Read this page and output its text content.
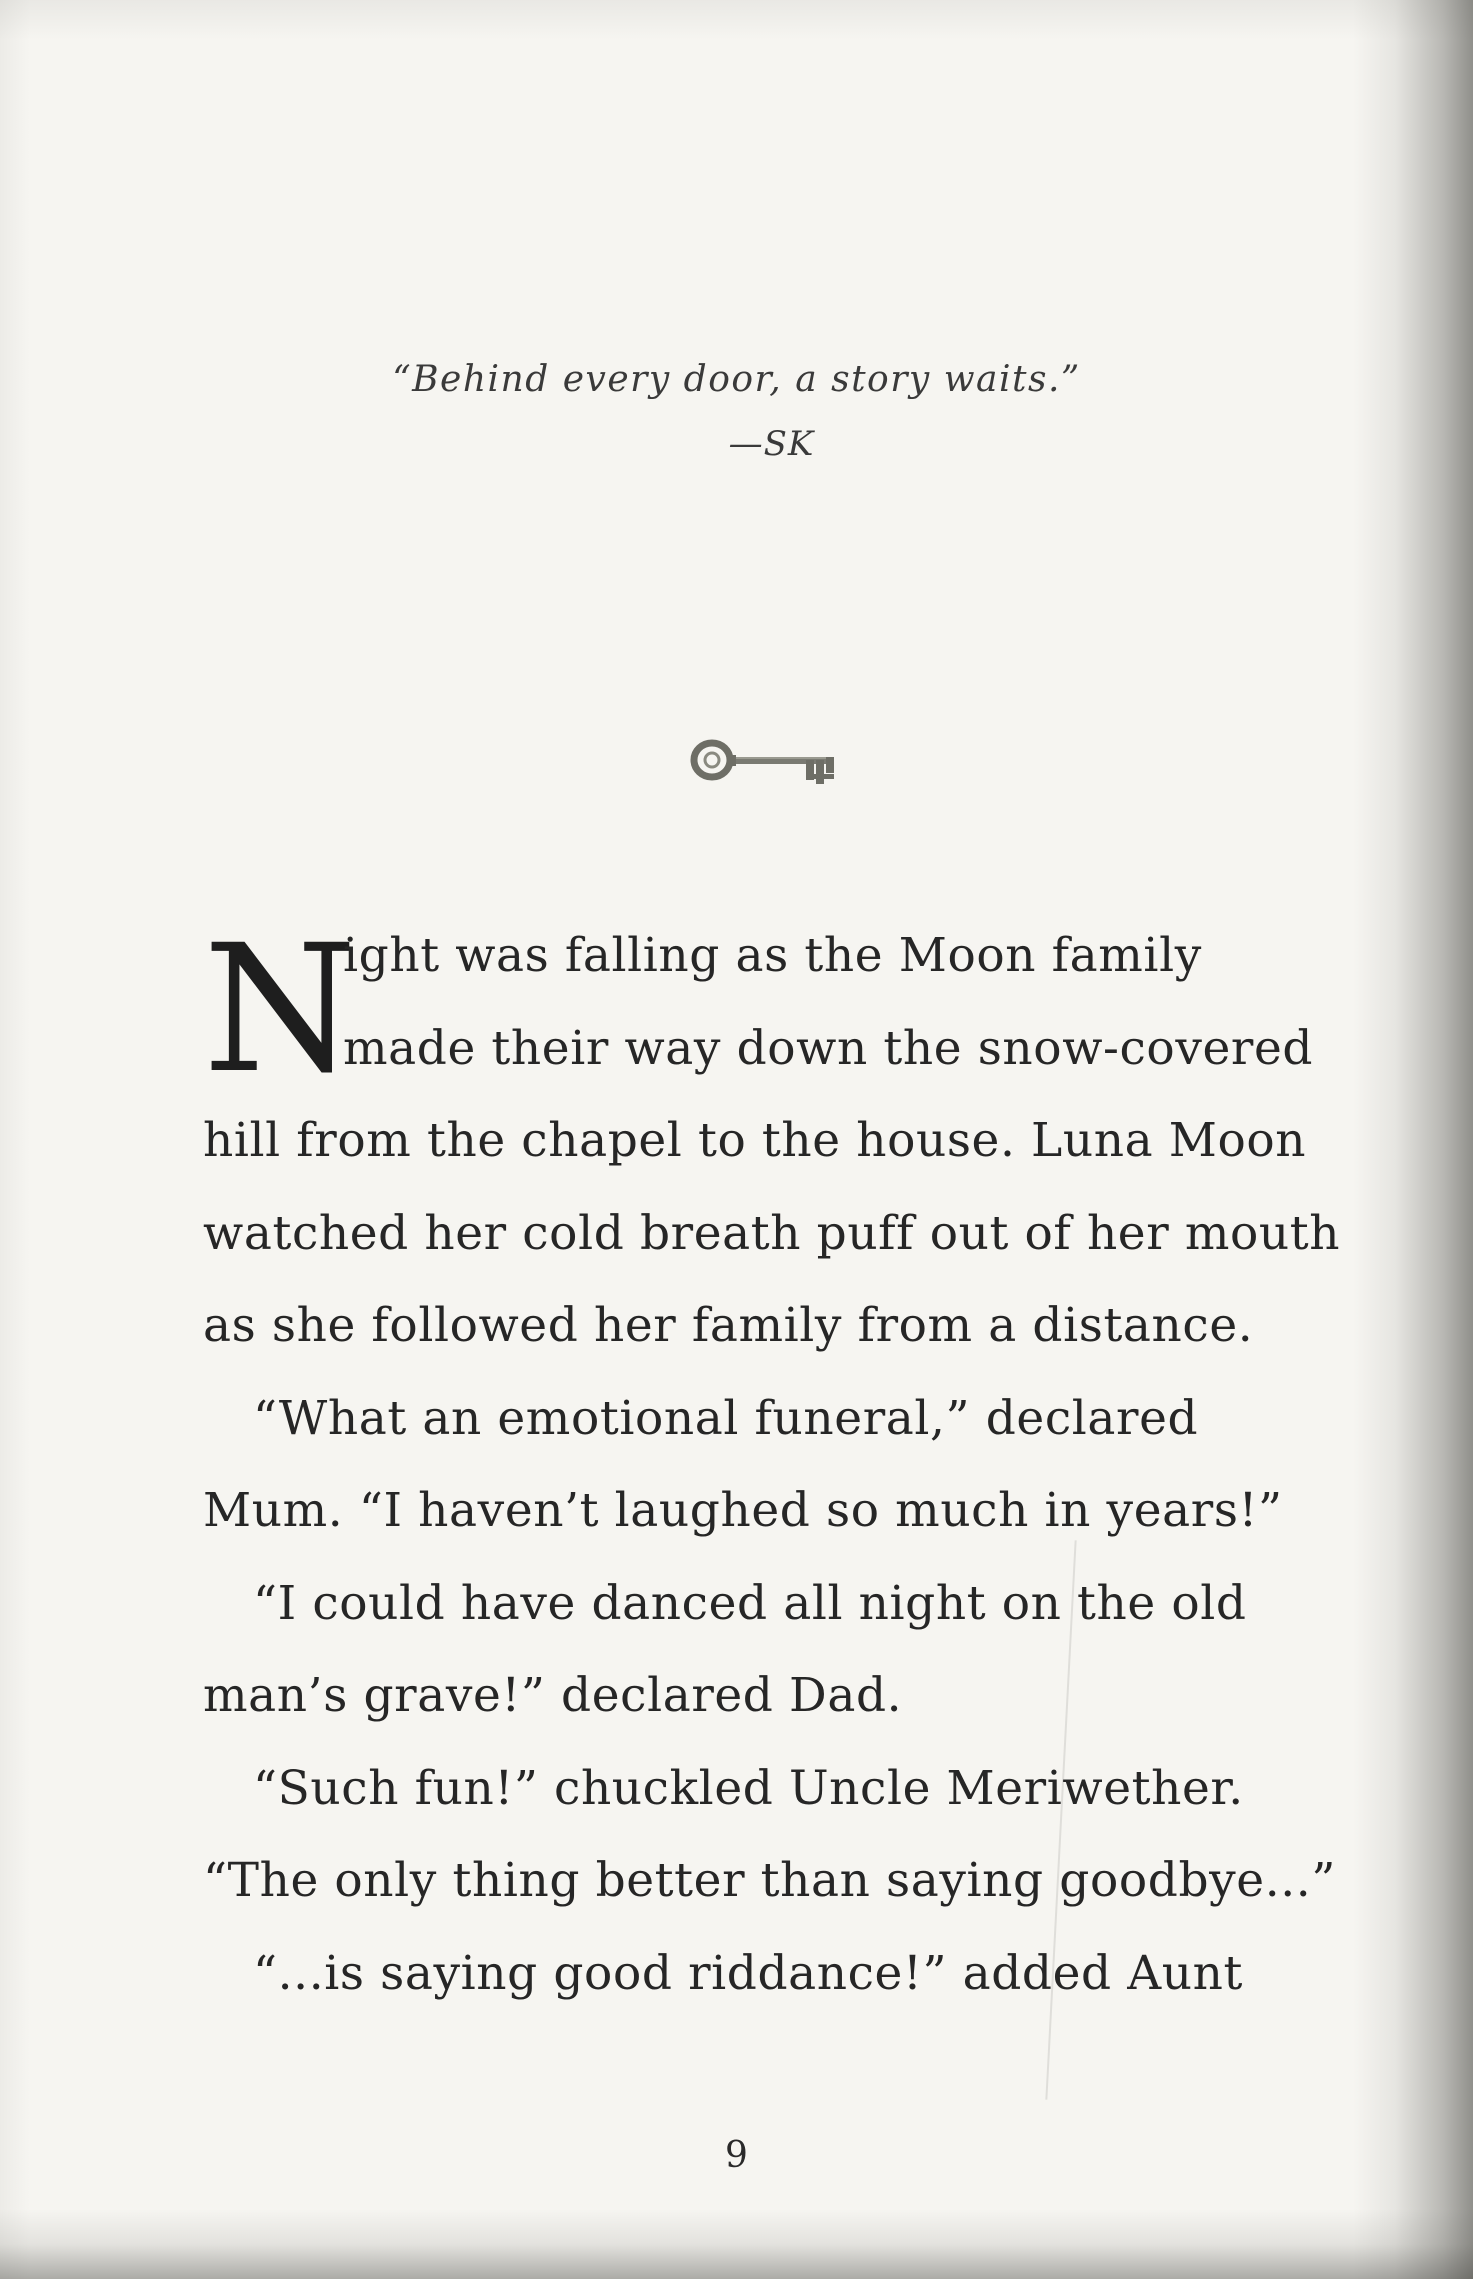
“Behind every door, a story waits.”
—SK
N
ight was falling as the Moon family
made their way down the snow-covered
hill from the chapel to the house. Luna Moon
watched her cold breath puff out of her mouth
as she followed her family from a distance.
“What an emotional funeral,” declared
Mum. “I haven’t laughed so much in years!”
“I could have danced all night on the old
man’s grave!” declared Dad.
“Such fun!” chuckled Uncle Meriwether.
“The only thing better than saying goodbye...”
“...is saying good riddance!” added Aunt
9
